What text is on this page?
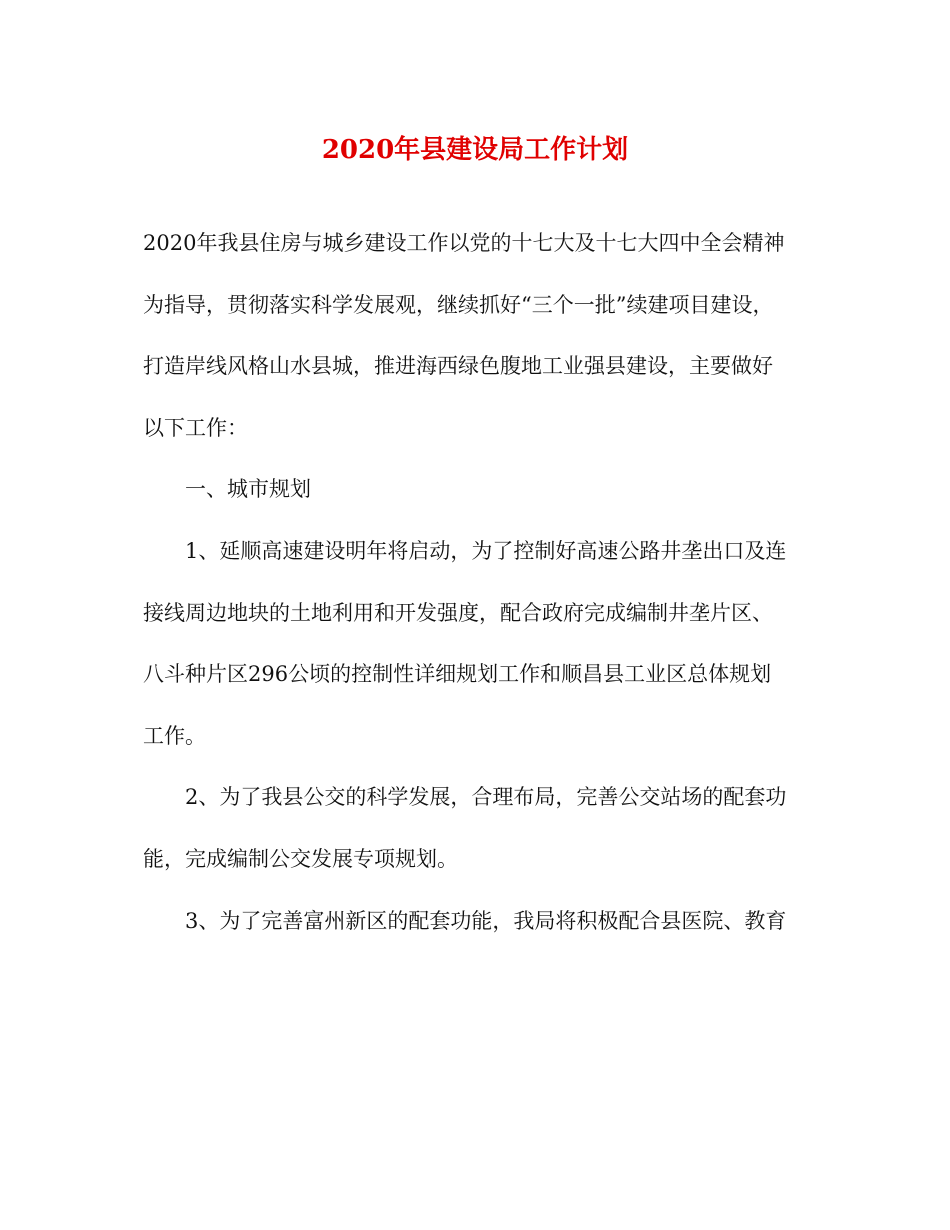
2020年县建设局工作计划

2020年我县住房与城乡建设工作以党的十七大及十七大四中全会精神
为指导，贯彻落实科学发展观，继续抓好“三个一批”续建项目建设，
打造岸线风格山水县城，推进海西绿色腹地工业强县建设，主要做好
以下工作：

一、城市规划

1、延顺高速建设明年将启动，为了控制好高速公路井垄出口及连
接线周边地块的土地利用和开发强度，配合政府完成编制井垄片区、
八斗种片区296公顷的控制性详细规划工作和顺昌县工业区总体规划
工作。

2、为了我县公交的科学发展，合理布局，完善公交站场的配套功
能，完成编制公交发展专项规划。

3、为了完善富州新区的配套功能，我局将积极配合县医院、教育
